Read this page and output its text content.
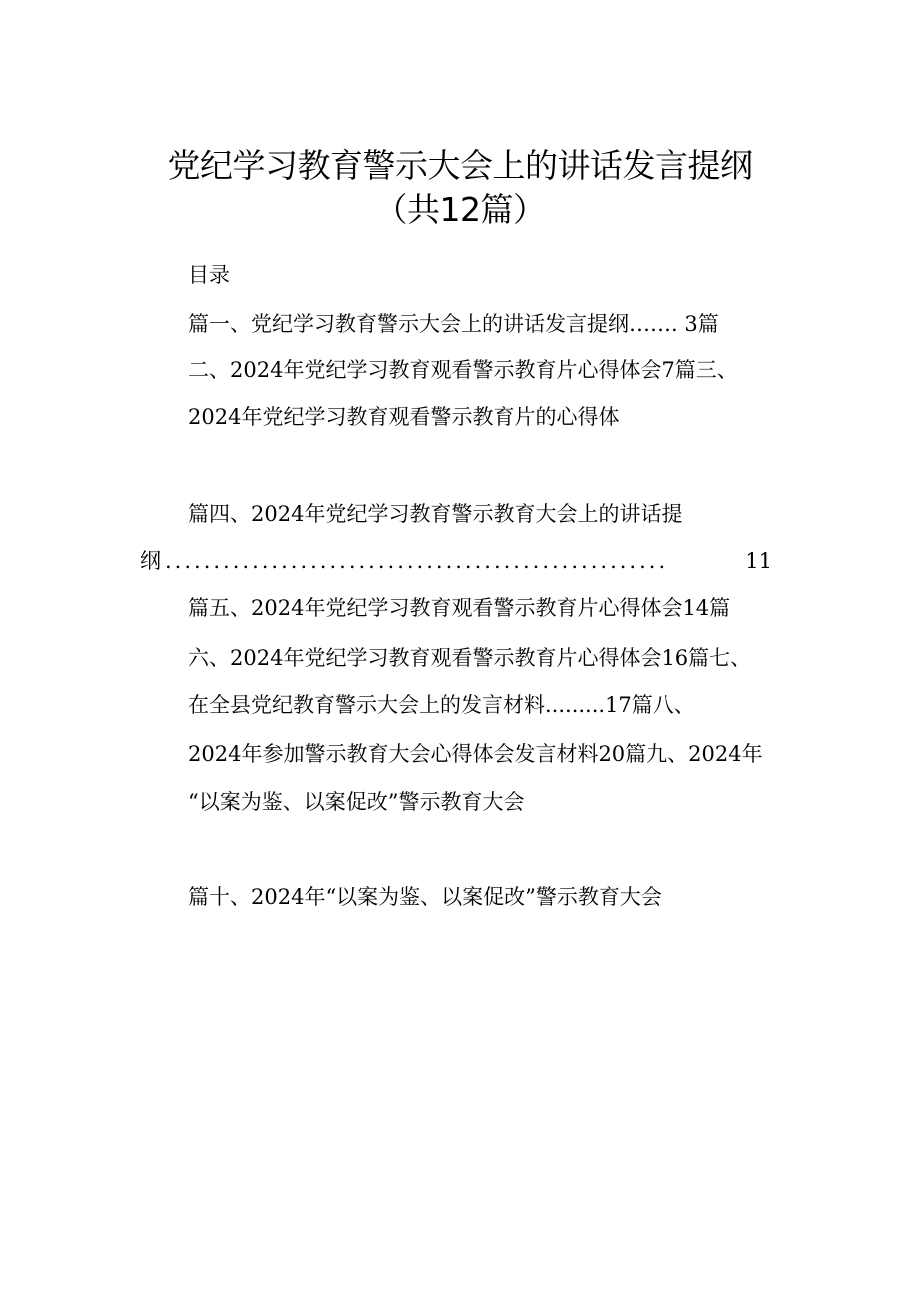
党纪学习教育警示大会上的讲话发言提纲
（共12篇）
目录
篇一、党纪学习教育警示大会上的讲话发言提纲……. 3篇
二、2024年党纪学习教育观看警示教育片心得体会7篇三、
2024年党纪学习教育观看警示教育片的心得体
篇四、2024年党纪学习教育警示教育大会上的讲话提
纲 ....................................................	11
篇五、2024年党纪学习教育观看警示教育片心得体会14篇
六、2024年党纪学习教育观看警示教育片心得体会16篇七、
在全县党纪教育警示大会上的发言材料.........17篇八、
2024年参加警示教育大会心得体会发言材料20篇九、2024年
“以案为鉴、以案促改”警示教育大会
篇十、2024年“以案为鉴、以案促改”警示教育大会
